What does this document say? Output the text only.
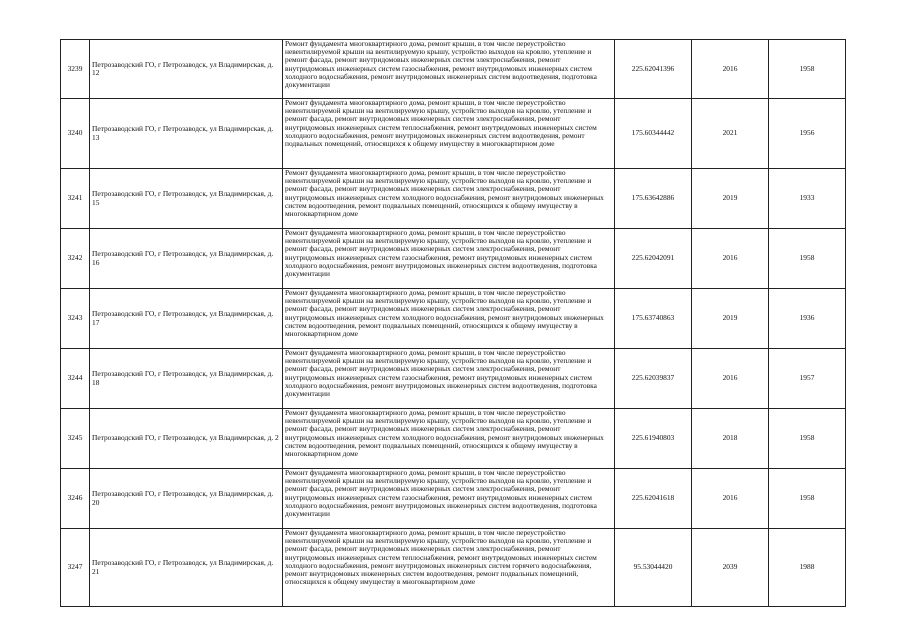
3239	Петрозаводский ГО, г Петрозаводск, ул Владимирская, д. 12	Ремонт фундамента многоквартирного дома, ремонт крыши, в том числе переустройство невентилируемой крыши на вентилируемую крышу, устройство выходов на кровлю, утепление и ремонт фасада, ремонт внутридомовых инженерных систем электроснабжения, ремонт внутридомовых инженерных систем газоснабжения, ремонт внутридомовых инженерных систем холодного водоснабжения, ремонт внутридомовых инженерных систем водоотведения, подготовка документации	225.62041396	2016	1958
3240	Петрозаводский ГО, г Петрозаводск, ул Владимирская, д. 13	Ремонт фундамента многоквартирного дома, ремонт крыши, в том числе переустройство невентилируемой крыши на вентилируемую крышу, устройство выходов на кровлю, утепление и ремонт фасада, ремонт внутридомовых инженерных систем электроснабжения, ремонт внутридомовых инженерных систем теплоснабжения, ремонт внутридомовых инженерных систем холодного водоснабжения, ремонт внутридомовых инженерных систем водоотведения, ремонт подвальных помещений, относящихся к общему имуществу в многоквартирном доме	175.60344442	2021	1956
3241	Петрозаводский ГО, г Петрозаводск, ул Владимирская, д. 15	Ремонт фундамента многоквартирного дома, ремонт крыши, в том числе переустройство невентилируемой крыши на вентилируемую крышу, устройство выходов на кровлю, утепление и ремонт фасада, ремонт внутридомовых инженерных систем электроснабжения, ремонт внутридомовых инженерных систем холодного водоснабжения, ремонт внутридомовых инженерных систем водоотведения, ремонт подвальных помещений, относящихся к общему имуществу в многоквартирном доме	175.63642886	2019	1933
3242	Петрозаводский ГО, г Петрозаводск, ул Владимирская, д. 16	Ремонт фундамента многоквартирного дома, ремонт крыши, в том числе переустройство невентилируемой крыши на вентилируемую крышу, устройство выходов на кровлю, утепление и ремонт фасада, ремонт внутридомовых инженерных систем электроснабжения, ремонт внутридомовых инженерных систем газоснабжения, ремонт внутридомовых инженерных систем холодного водоснабжения, ремонт внутридомовых инженерных систем водоотведения, подготовка документации	225.62042091	2016	1958
3243	Петрозаводский ГО, г Петрозаводск, ул Владимирская, д. 17	Ремонт фундамента многоквартирного дома, ремонт крыши, в том числе переустройство невентилируемой крыши на вентилируемую крышу, устройство выходов на кровлю, утепление и ремонт фасада, ремонт внутридомовых инженерных систем электроснабжения, ремонт внутридомовых инженерных систем холодного водоснабжения, ремонт внутридомовых инженерных систем водоотведения, ремонт подвальных помещений, относящихся к общему имуществу в многоквартирном доме	175.63740863	2019	1936
3244	Петрозаводский ГО, г Петрозаводск, ул Владимирская, д. 18	Ремонт фундамента многоквартирного дома, ремонт крыши, в том числе переустройство невентилируемой крыши на вентилируемую крышу, устройство выходов на кровлю, утепление и ремонт фасада, ремонт внутридомовых инженерных систем электроснабжения, ремонт внутридомовых инженерных систем газоснабжения, ремонт внутридомовых инженерных систем холодного водоснабжения, ремонт внутридомовых инженерных систем водоотведения, подготовка документации	225.62039837	2016	1957
3245	Петрозаводский ГО, г Петрозаводск, ул Владимирская, д. 2	Ремонт фундамента многоквартирного дома, ремонт крыши, в том числе переустройство невентилируемой крыши на вентилируемую крышу, устройство выходов на кровлю, утепление и ремонт фасада, ремонт внутридомовых инженерных систем электроснабжения, ремонт внутридомовых инженерных систем холодного водоснабжения, ремонт внутридомовых инженерных систем водоотведения, ремонт подвальных помещений, относящихся к общему имуществу в многоквартирном доме	225.61940803	2018	1958
3246	Петрозаводский ГО, г Петрозаводск, ул Владимирская, д. 20	Ремонт фундамента многоквартирного дома, ремонт крыши, в том числе переустройство невентилируемой крыши на вентилируемую крышу, устройство выходов на кровлю, утепление и ремонт фасада, ремонт внутридомовых инженерных систем электроснабжения, ремонт внутридомовых инженерных систем газоснабжения, ремонт внутридомовых инженерных систем холодного водоснабжения, ремонт внутридомовых инженерных систем водоотведения, подготовка документации	225.62041618	2016	1958
3247	Петрозаводский ГО, г Петрозаводск, ул Владимирская, д. 21	Ремонт фундамента многоквартирного дома, ремонт крыши, в том числе переустройство невентилируемой крыши на вентилируемую крышу, устройство выходов на кровлю, утепление и ремонт фасада, ремонт внутридомовых инженерных систем электроснабжения, ремонт внутридомовых инженерных систем теплоснабжения, ремонт внутридомовых инженерных систем холодного водоснабжения, ремонт внутридомовых инженерных систем горячего водоснабжения, ремонт внутридомовых инженерных систем водоотведения, ремонт подвальных помещений, относящихся к общему имуществу в многоквартирном доме	95.53044420	2039	1988
